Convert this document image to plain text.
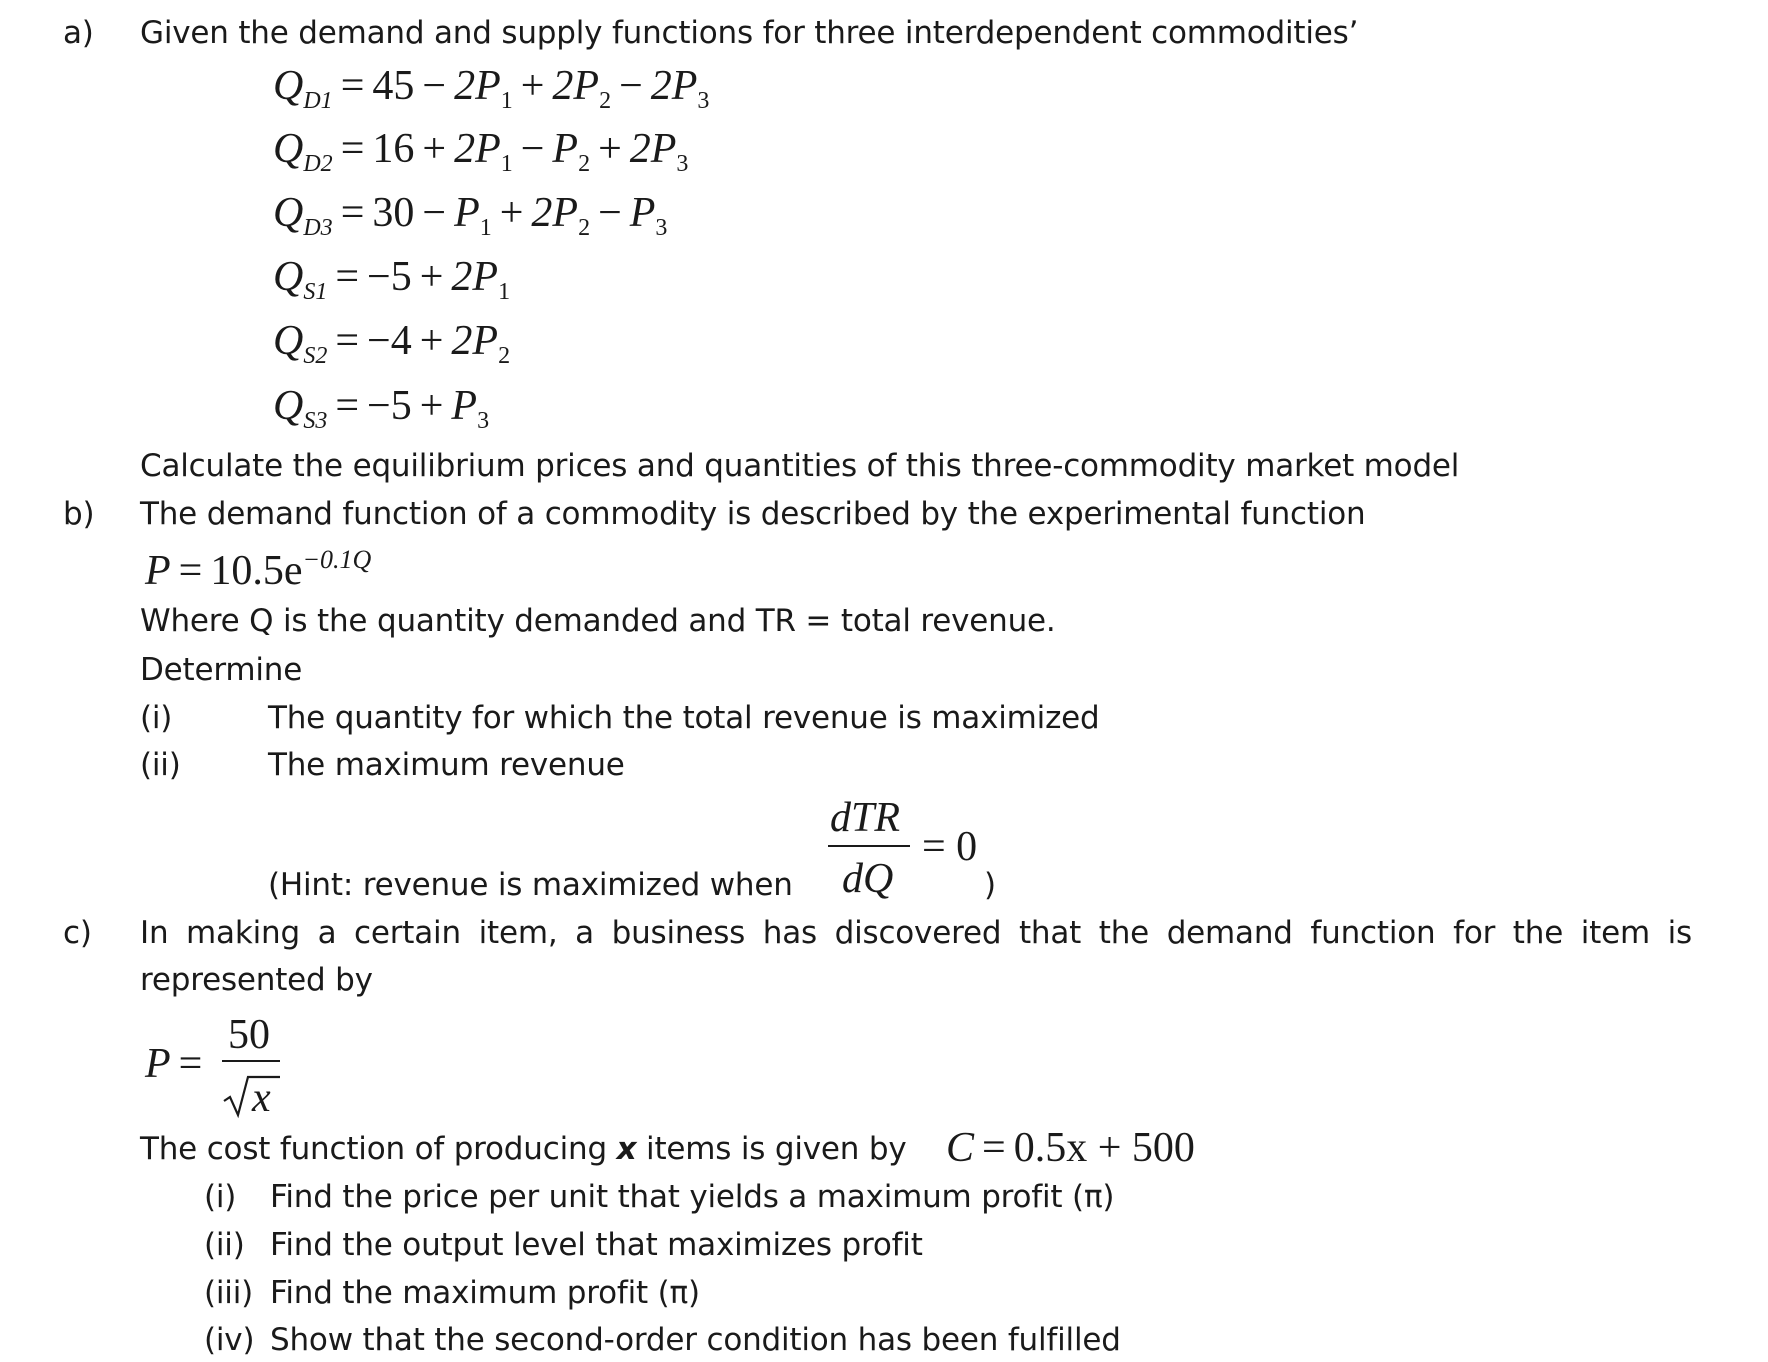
a) Given the demand and supply functions for three interdependent commodities’
$Q_{D1} = 45 - 2P_1 + 2P_2 - 2P_3$
$Q_{D2} = 16 + 2P_1 - P_2 + 2P_3$
$Q_{D3} = 30 - P_1 + 2P_2 - P_3$
$Q_{S1} = -5 + 2P_1$
$Q_{S2} = -4 + 2P_2$
$Q_{S3} = -5 + P_3$
Calculate the equilibrium prices and quantities of this three-commodity market model
b) The demand function of a commodity is described by the experimental function
$P = 10.5e^{-0.1Q}$
Where Q is the quantity demanded and TR = total revenue.
Determine
(i)	The quantity for which the total revenue is maximized
(ii)	The maximum revenue
dTR
= 0
(Hint: revenue is maximized when dQ	)
c) In making a certain item, a business has discovered that the demand function for the item is
represented by
P =
50
x
The cost function of producing x items is given by C = 0.5x + 500
(i) Find the price per unit that yields a maximum profit (π)
(ii) Find the output level that maximizes profit
(iii) Find the maximum profit (π)
(iv) Show that the second-order condition has been fulfilled
